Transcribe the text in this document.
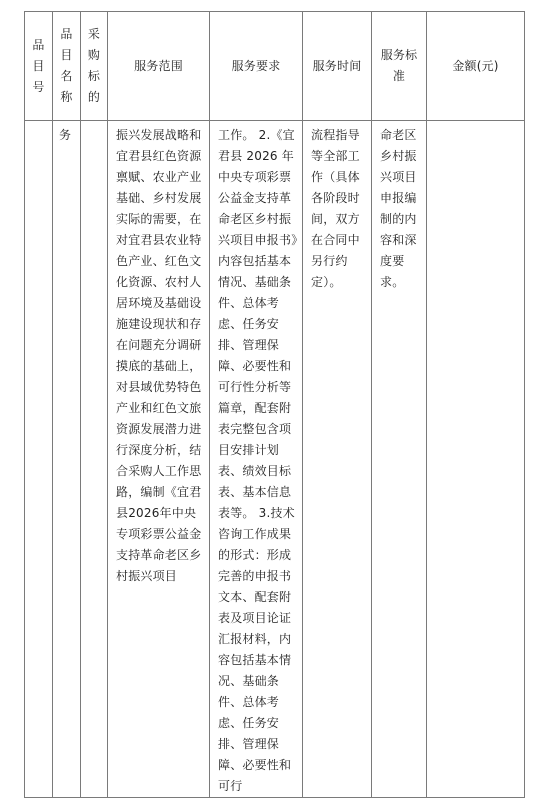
品目号	品目名称	采购标的	服务范围	服务要求	服务时间	服务标准	金额(元)

	务		振兴发展战略和宜君县红色资源禀赋、农业产业基础、乡村发展实际的需要，在对宜君县农业特色产业、红色文化资源、农村人居环境及基础设施建设现状和存在问题充分调研摸底的基础上，对县域优势特色产业和红色文旅资源发展潜力进行深度分析，结合采购人工作思路，编制《宜君县2026年中央专项彩票公益金支持革命老区乡村振兴项目	工作。 2.《宜君县 2026 年中央专项彩票公益金支持革命老区乡村振兴项目申报书》内容包括基本情况、基础条件、总体考虑、任务安排、管理保障、必要性和可行性分析等篇章，配套附表完整包含项目安排计划表、绩效目标表、基本信息表等。 3.技术咨询工作成果的形式：形成完善的申报书文本、配套附表及项目论证汇报材料，内容包括基本情况、基础条件、总体考虑、任务安排、管理保障、必要性和可行	流程指导等全部工作（具体各阶段时间，双方在合同中另行约定）。	命老区乡村振兴项目申报编制的内容和深度要求。	
